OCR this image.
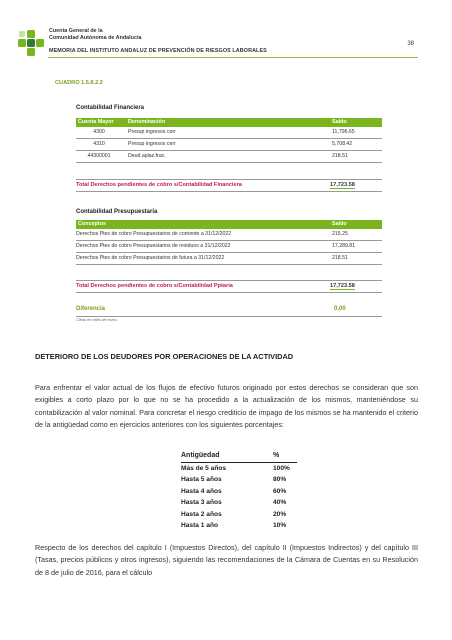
Cuenta General de la
Comunidad Autónoma de Andalucía
MEMORIA DEL INSTITUTO ANDALUZ DE PREVENCIÓN DE RIESGOS LABORALES
38
CUADRO 1.5.8.2.2
Contabilidad Financiera
Cuenta Mayor	Denominación	Saldo
4300	Presup ingresos corr	11,796.65
4310	Presup ingresos cerr	5,708.42
44300001	Deud.aplaz.frac.	218.51
Total Derechos pendientes de cobro s/Contabilidad Financiera	17,723.58
Contabilidad Presupuestaria
Conceptos	Saldo
Derechos Ptes de cobro Presupuestarios de corriente a 31/12/2022	215.25
Derechos Ptes de cobro Presupuestarios de residuos a 31/12/2022	17,289.81
Derechos Ptes de cobro Presupuestarios de futura a 31/12/2022	218.51
Total Derechos pendientes de cobro s/Contabilidad Pptaria	17,723.58
Diferencia	0,00
Cifras en miles de euros
DETERIORO DE LOS DEUDORES POR OPERACIONES DE LA ACTIVIDAD
Para enfrentar el valor actual de los flujos de efectivo futuros originado por estos derechos se consideran que son exigibles a corto plazo por lo que no se ha procedido a la actualización de los mismos, manteniéndose su contabilización al valor nominal. Para concretar el riesgo crediticio de impago de los mismos se ha mantenido el criterio de la antigüedad como en ejercicios anteriores con los siguientes porcentajes:
Antigüedad	%
Más de 5 años	100%
Hasta 5 años	80%
Hasta 4 años	60%
Hasta 3 años	40%
Hasta 2 años	20%
Hasta 1 año	10%
Respecto de los derechos del capítulo I (Impuestos Directos), del capítulo II (Impuestos Indirectos) y del capítulo III (Tasas, precios públicos y otros ingresos), siguiendo las recomendaciones de la Cámara de Cuentas en su Resolución de 8 de julio de 2016, para el cálculo
